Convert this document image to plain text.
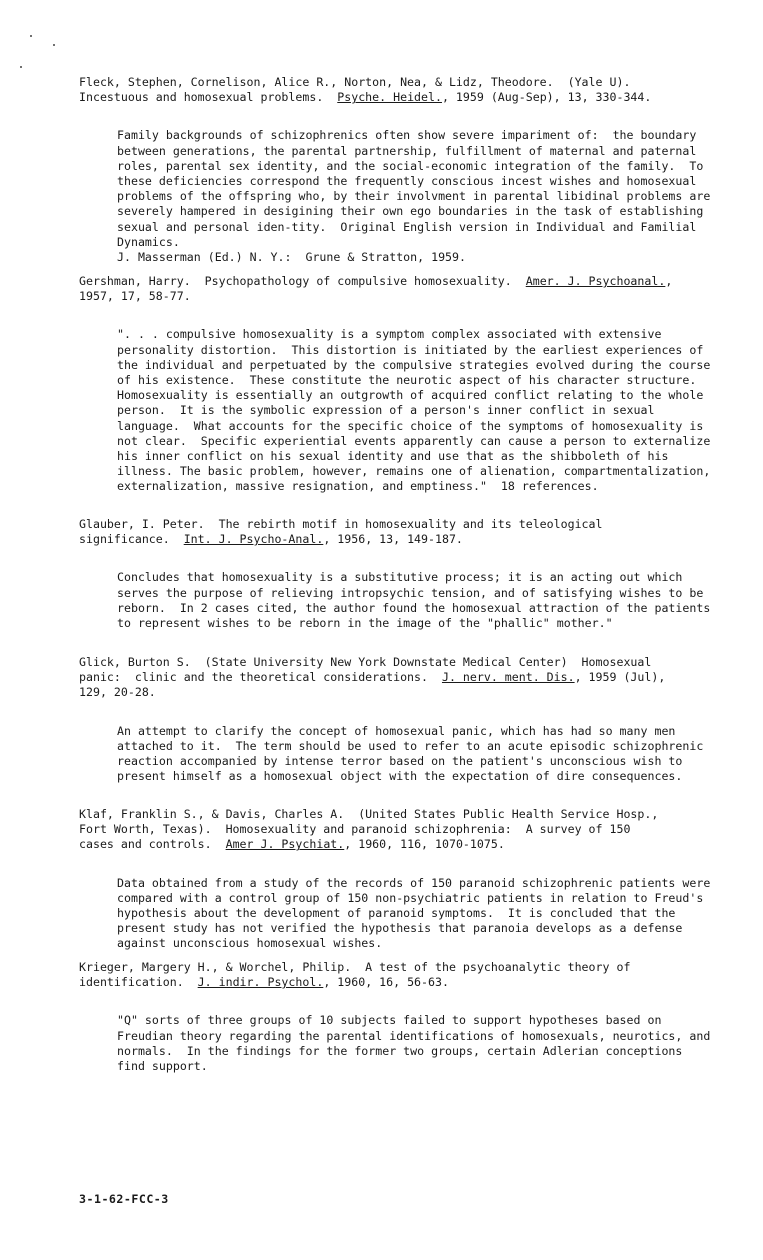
Fleck, Stephen, Cornelison, Alice R., Norton, Nea, & Lidz, Theodore.  (Yale U).
Incestuous and homosexual problems.  Psyche. Heidel., 1959 (Aug-Sep), 13, 330-344.

Family backgrounds of schizophrenics often show severe impariment of:  the boundary between generations, the parental partnership, fulfillment of maternal and paternal roles, parental sex identity, and the social-economic integration of the family.  To these deficiencies correspond the frequently conscious incest wishes and homosexual problems of the offspring who, by their involvment in parental libidinal problems are severely hampered in desigining their own ego boundaries in the task of establishing sexual and personal iden-tity.  Original English version in Individual and Familial Dynamics.
J. Masserman (Ed.) N. Y.:  Grune & Stratton, 1959.

Gershman, Harry.  Psychopathology of compulsive homosexuality.  Amer. J. Psychoanal.,
1957, 17, 58-77.

". . . compulsive homosexuality is a symptom complex associated with extensive personality distortion.  This distortion is initiated by the earliest experiences of the individual and perpetuated by the compulsive strategies evolved during the course of his existence.  These constitute the neurotic aspect of his character structure.  Homosexuality is essentially an outgrowth of acquired conflict relating to the whole person.  It is the symbolic expression of a person's inner conflict in sexual language.  What accounts for the specific choice of the symptoms of homosexuality is not clear.  Specific experiential events apparently can cause a person to externalize his inner conflict on his sexual identity and use that as the shibboleth of his illness. The basic problem, however, remains one of alienation, compartmentalization, externalization, massive resignation, and emptiness."  18 references.

Glauber, I. Peter.  The rebirth motif in homosexuality and its teleological
significance.  Int. J. Psycho-Anal., 1956, 13, 149-187.

Concludes that homosexuality is a substitutive process; it is an acting out which serves the purpose of relieving intropsychic tension, and of satisfying wishes to be reborn.  In 2 cases cited, the author found the homosexual attraction of the patients to represent wishes to be reborn in the image of the "phallic" mother."

Glick, Burton S.  (State University New York Downstate Medical Center)  Homosexual
panic:  clinic and the theoretical considerations.  J. nerv. ment. Dis., 1959 (Jul),
129, 20-28.

An attempt to clarify the concept of homosexual panic, which has had so many men attached to it.  The term should be used to refer to an acute episodic schizophrenic reaction accompanied by intense terror based on the patient's unconscious wish to present himself as a homosexual object with the expectation of dire consequences.

Klaf, Franklin S., & Davis, Charles A.  (United States Public Health Service Hosp.,
Fort Worth, Texas).  Homosexuality and paranoid schizophrenia:  A survey of 150
cases and controls.  Amer J. Psychiat., 1960, 116, 1070-1075.

Data obtained from a study of the records of 150 paranoid schizophrenic patients were compared with a control group of 150 non-psychiatric patients in relation to Freud's hypothesis about the development of paranoid symptoms.  It is concluded that the present study has not verified the hypothesis that paranoia develops as a defense against unconscious homosexual wishes.

Krieger, Margery H., & Worchel, Philip.  A test of the psychoanalytic theory of
identification.  J. indir. Psychol., 1960, 16, 56-63.

"Q" sorts of three groups of 10 subjects failed to support hypotheses based on Freudian theory regarding the parental identifications of homosexuals, neurotics, and normals.  In the findings for the former two groups, certain Adlerian conceptions find support.

3-1-62-FCC-3
